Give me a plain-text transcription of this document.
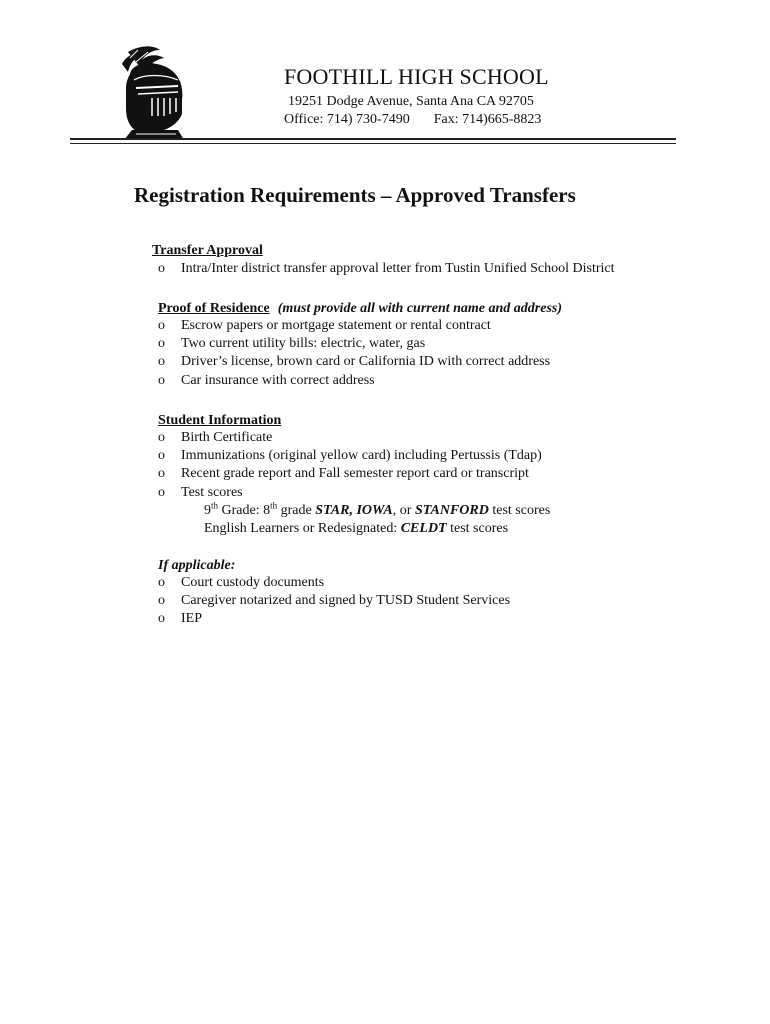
FOOTHILL HIGH SCHOOL
19251 Dodge Avenue, Santa Ana CA 92705
Office: 714) 730-7490 Fax: 714)665-8823
Registration Requirements – Approved Transfers
Transfer Approval
o Intra/Inter district transfer approval letter from Tustin Unified School District
Proof of Residence (must provide all with current name and address)
o Escrow papers or mortgage statement or rental contract
o Two current utility bills: electric, water, gas
o Driver’s license, brown card or California ID with correct address
o Car insurance with correct address
Student Information
o Birth Certificate
o Immunizations (original yellow card) including Pertussis (Tdap)
o Recent grade report and Fall semester report card or transcript
o Test scores
9th Grade: 8th grade STAR, IOWA, or STANFORD test scores
English Learners or Redesignated: CELDT test scores
If applicable:
o Court custody documents
o Caregiver notarized and signed by TUSD Student Services
o IEP
